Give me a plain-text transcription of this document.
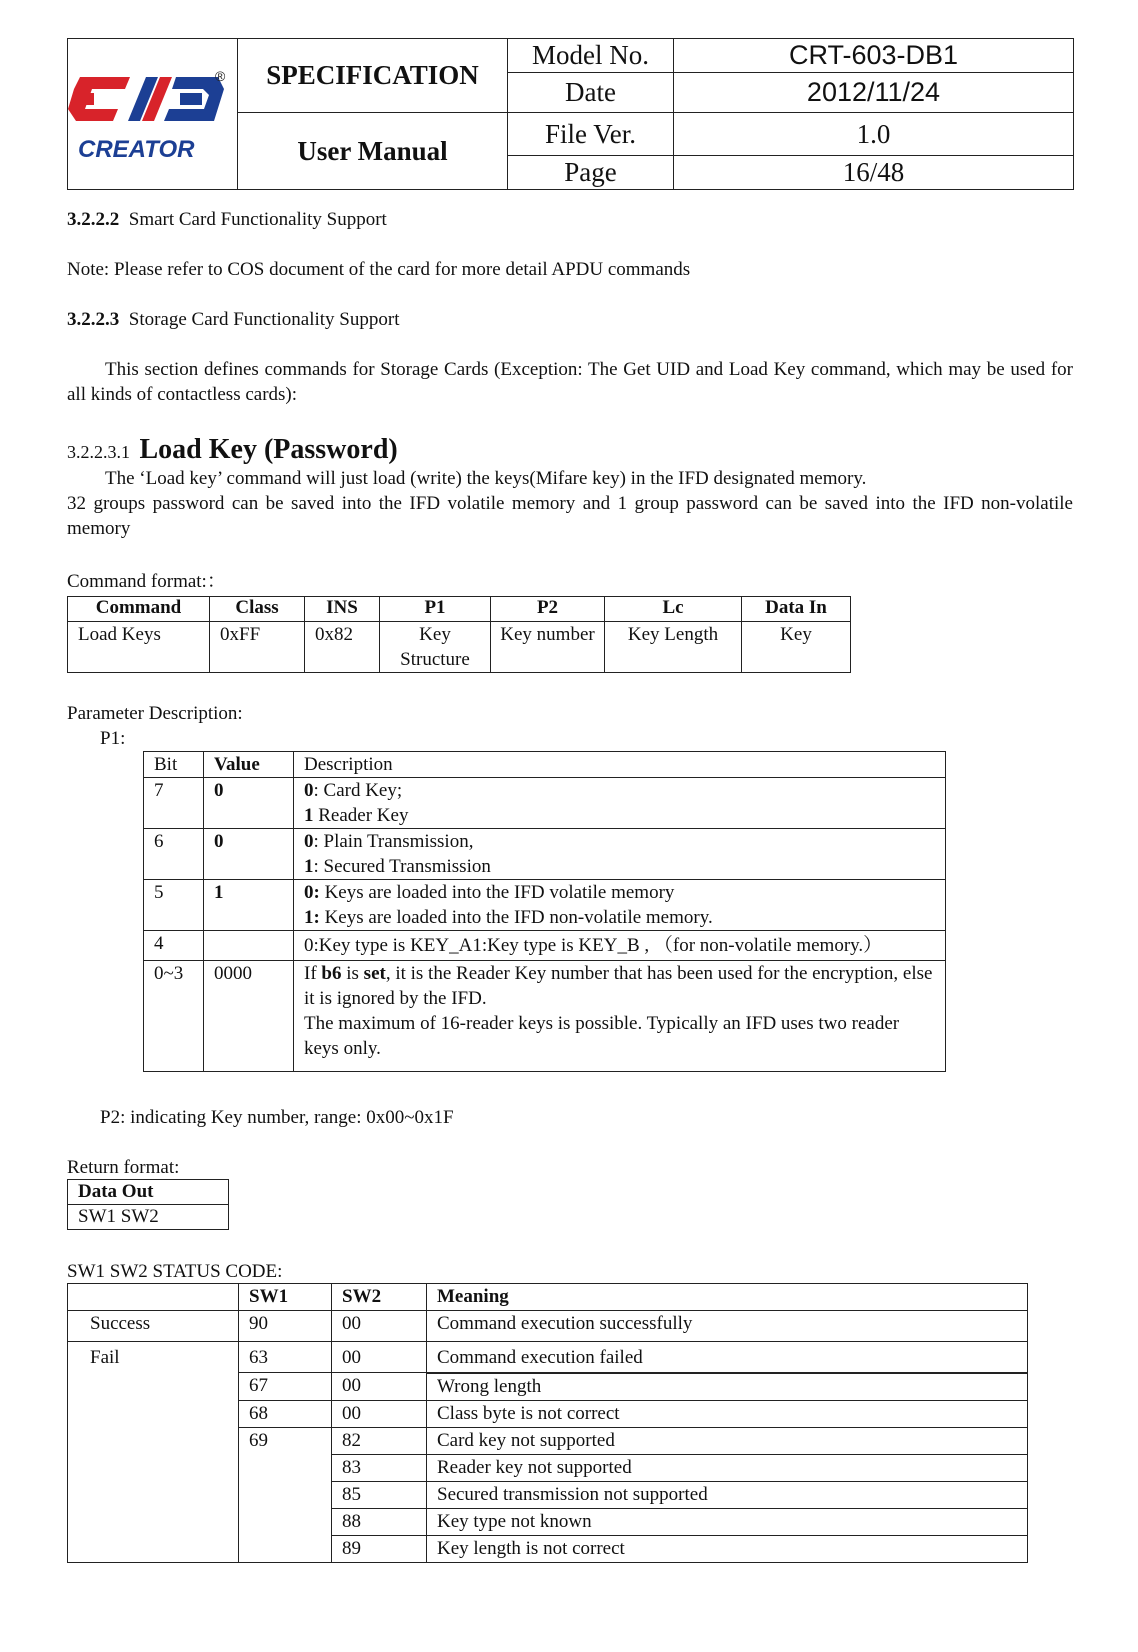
CREATOR
®	SPECIFICATION	Model No.	CRT-603-DB1
		Date	2012/11/24
	User Manual	File Ver.	1.0
		Page	16/48

3.2.2.2 Smart Card Functionality Support

Note: Please refer to COS document of the card for more detail APDU commands

3.2.2.3 Storage Card Functionality Support

This section defines commands for Storage Cards (Exception: The Get UID and Load Key command, which may be used for all kinds of contactless cards):

3.2.2.3.1 Load Key (Password)

The ‘Load key’ command will just load (write) the keys(Mifare key) in the IFD designated memory.

32 groups password can be saved into the IFD volatile memory and 1 group password can be saved into the IFD non-volatile memory

Command format:：

Command	Class	INS	P1	P2	Lc	Data In
Load Keys	0xFF	0x82	Key Structure	Key number	Key Length	Key

Parameter Description:

P1:

Bit	Value	Description
7	0	0: Card Key;
1 Reader Key
6	0	0: Plain Transmission,
1: Secured Transmission
5	1	0: Keys are loaded into the IFD volatile memory
1: Keys are loaded into the IFD non-volatile memory.
4		0:Key type is KEY_A1:Key type is KEY_B , （for non-volatile memory.）
0~3	0000	If b6 is set, it is the Reader Key number that has been used for the encryption, else it is ignored by the IFD.
The maximum of 16-reader keys is possible. Typically an IFD uses two reader keys only.

P2: indicating Key number, range: 0x00~0x1F

Return format:

Data Out
SW1 SW2

SW1 SW2 STATUS CODE:

	SW1	SW2	Meaning
Success	90	00	Command execution successfully
Fail	63	00	Command execution failed
	67	00	Wrong length
	68	00	Class byte is not correct
	69	82	Card key not supported
		83	Reader key not supported
		85	Secured transmission not supported
		88	Key type not known
		89	Key length is not correct
